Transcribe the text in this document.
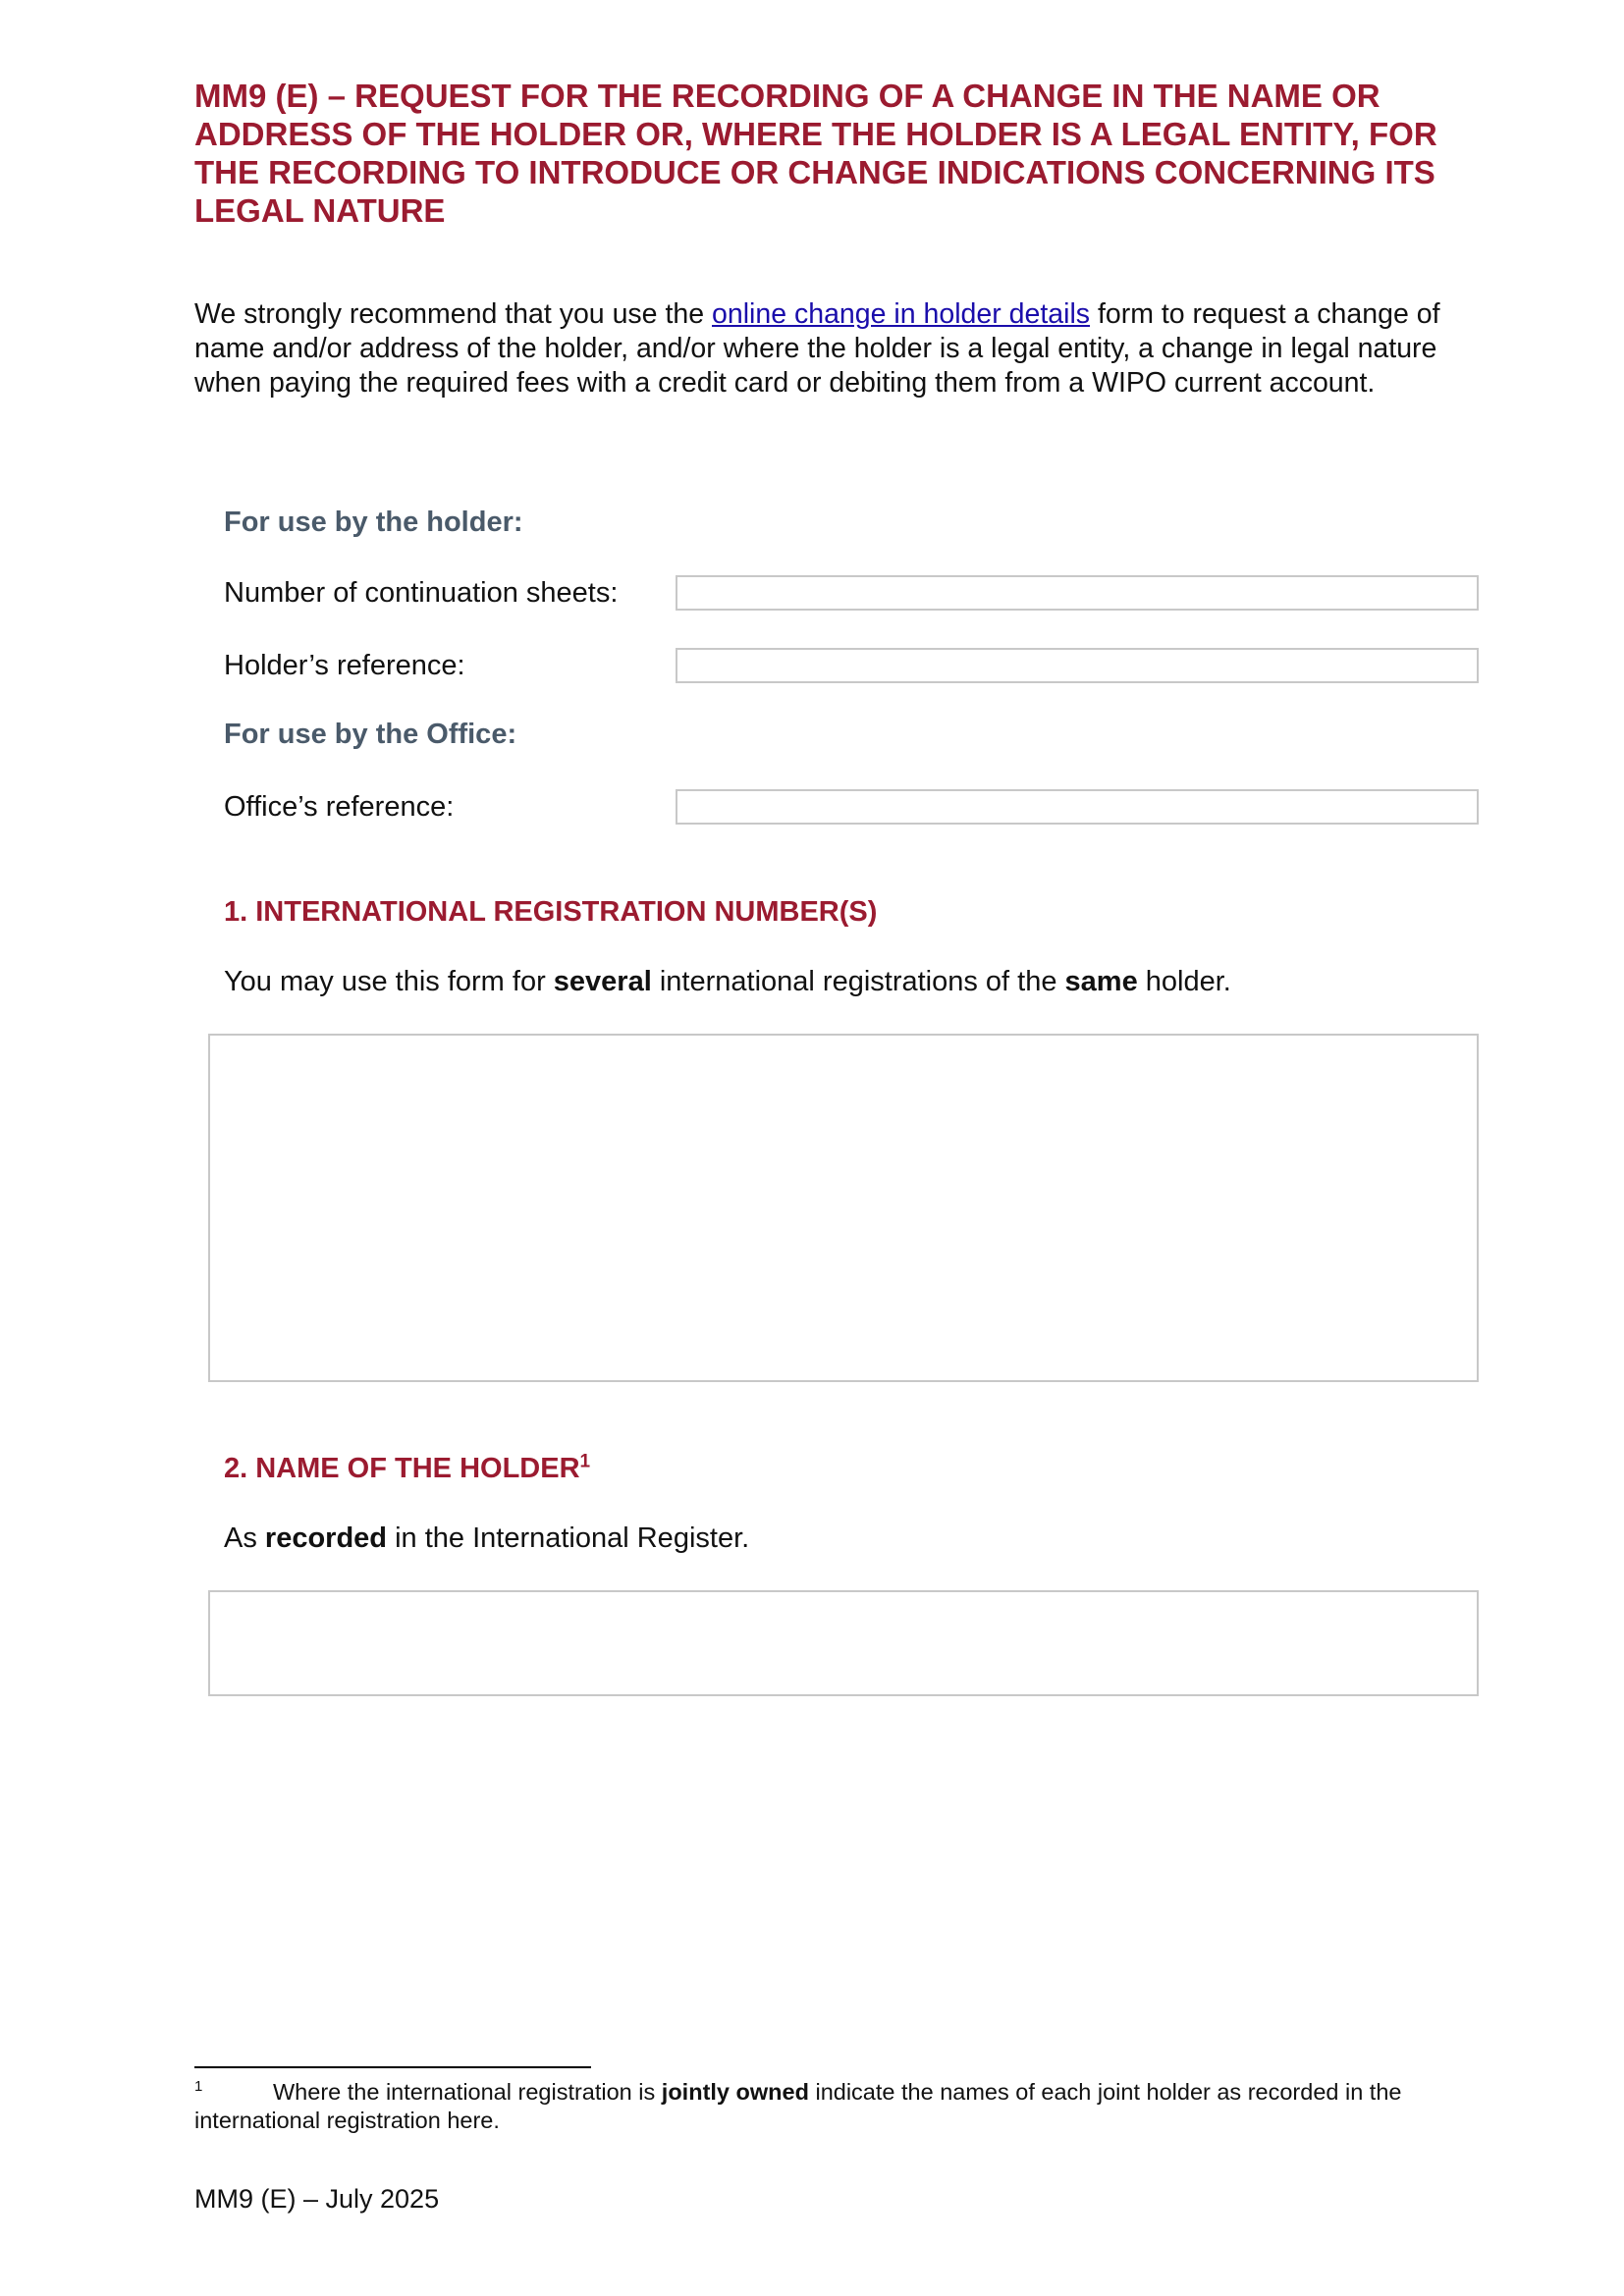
MM9 (E) – REQUEST FOR THE RECORDING OF A CHANGE IN THE NAME OR ADDRESS OF THE HOLDER OR, WHERE THE HOLDER IS A LEGAL ENTITY, FOR THE RECORDING TO INTRODUCE OR CHANGE INDICATIONS CONCERNING ITS LEGAL NATURE

We strongly recommend that you use the online change in holder details form to request a change of name and/or address of the holder, and/or where the holder is a legal entity, a change in legal nature when paying the required fees with a credit card or debiting them from a WIPO current account.

For use by the holder:
Number of continuation sheets:
Holder’s reference:
For use by the Office:
Office’s reference:
1. INTERNATIONAL REGISTRATION NUMBER(S)
You may use this form for several international registrations of the same holder.
2. NAME OF THE HOLDER$^1$
As recorded in the International Register.
1	Where the international registration is jointly owned indicate the names of each joint holder as recorded in the international registration here.
MM9 (E) – July 2025
